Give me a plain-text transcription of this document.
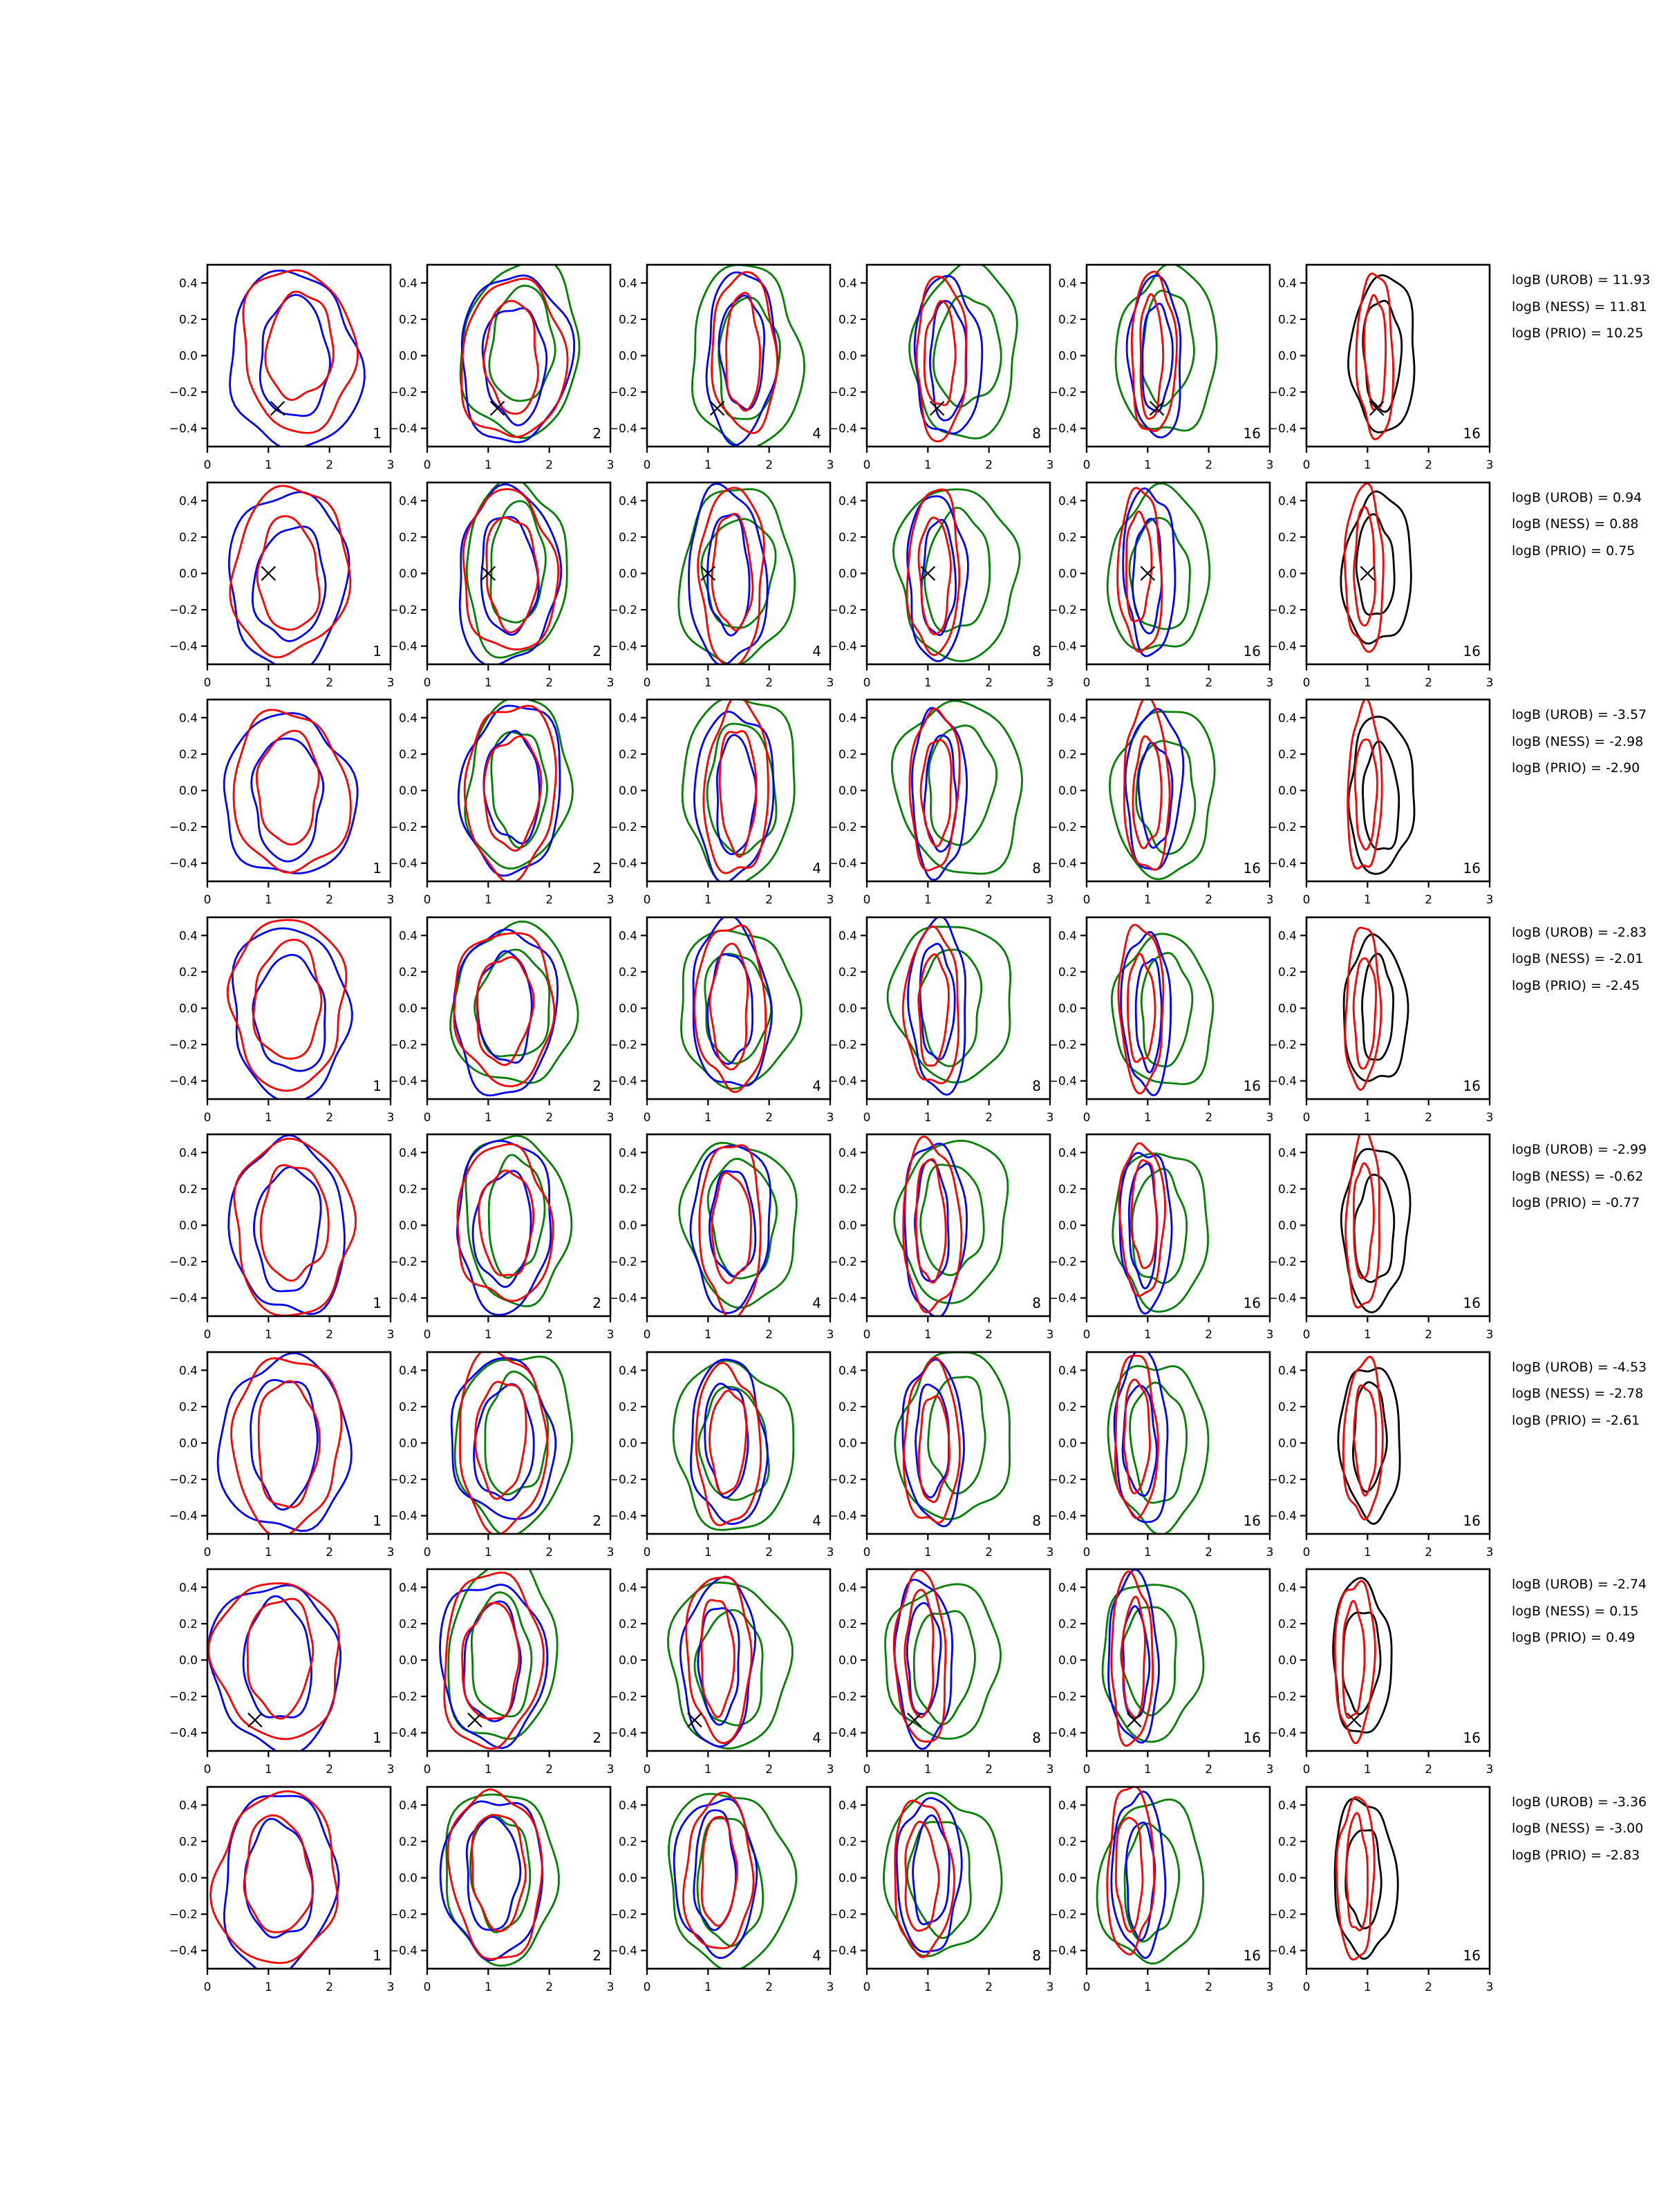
0	1	2	3
0.4
0.2
0.0
−0.2
−0.4	1
0	1	2	3
0.4
0.2
0.0
−0.2
−0.4	2
0	1	2	3
0.4
0.2
0.0
−0.2
−0.4	4
0	1	2	3
0.4
0.2
0.0
−0.2
−0.4	8
0	1	2	3
0.4
0.2
0.0
−0.2
−0.4	16
0	1	2	3
0.4
0.2
0.0
−0.2
−0.4	16
logB (UROB) = 11.93
logB (NESS) = 11.81
logB (PRIO) = 10.25
0	1	2	3
0.4
0.2
0.0
−0.2
−0.4	1
0	1	2	3
0.4
0.2
0.0
−0.2
−0.4	2
0	1	2	3
0.4
0.2
0.0
−0.2
−0.4	4
0	1	2	3
0.4
0.2
0.0
−0.2
−0.4	8
0	1	2	3
0.4
0.2
0.0
−0.2
−0.4	16
0	1	2	3
0.4
0.2
0.0
−0.2
−0.4	16
logB (UROB) = 0.94
logB (NESS) = 0.88
logB (PRIO) = 0.75
0	1	2	3
0.4
0.2
0.0
−0.2
−0.4	1
0	1	2	3
0.4
0.2
0.0
−0.2
−0.4	2
0	1	2	3
0.4
0.2
0.0
−0.2
−0.4	4
0	1	2	3
0.4
0.2
0.0
−0.2
−0.4	8
0	1	2	3
0.4
0.2
0.0
−0.2
−0.4	16
0	1	2	3
0.4
0.2
0.0
−0.2
−0.4	16
logB (UROB) = -3.57
logB (NESS) = -2.98
logB (PRIO) = -2.90
0	1	2	3
0.4
0.2
0.0
−0.2
−0.4	1
0	1	2	3
0.4
0.2
0.0
−0.2
−0.4	2
0	1	2	3
0.4
0.2
0.0
−0.2
−0.4	4
0	1	2	3
0.4
0.2
0.0
−0.2
−0.4	8
0	1	2	3
0.4
0.2
0.0
−0.2
−0.4	16
0	1	2	3
0.4
0.2
0.0
−0.2
−0.4	16
logB (UROB) = -2.83
logB (NESS) = -2.01
logB (PRIO) = -2.45
0	1	2	3
0.4
0.2
0.0
−0.2
−0.4	1
0	1	2	3
0.4
0.2
0.0
−0.2
−0.4	2
0	1	2	3
0.4
0.2
0.0
−0.2
−0.4	4
0	1	2	3
0.4
0.2
0.0
−0.2
−0.4	8
0	1	2	3
0.4
0.2
0.0
−0.2
−0.4	16
0	1	2	3
0.4
0.2
0.0
−0.2
−0.4	16
logB (UROB) = -2.99
logB (NESS) = -0.62
logB (PRIO) = -0.77
0	1	2	3
0.4
0.2
0.0
−0.2
−0.4	1
0	1	2	3
0.4
0.2
0.0
−0.2
−0.4	2
0	1	2	3
0.4
0.2
0.0
−0.2
−0.4	4
0	1	2	3
0.4
0.2
0.0
−0.2
−0.4	8
0	1	2	3
0.4
0.2
0.0
−0.2
−0.4	16
0	1	2	3
0.4
0.2
0.0
−0.2
−0.4	16
logB (UROB) = -4.53
logB (NESS) = -2.78
logB (PRIO) = -2.61
0	1	2	3
0.4
0.2
0.0
−0.2
−0.4	1
0	1	2	3
0.4
0.2
0.0
−0.2
−0.4	2
0	1	2	3
0.4
0.2
0.0
−0.2
−0.4	4
0	1	2	3
0.4
0.2
0.0
−0.2
−0.4	8
0	1	2	3
0.4
0.2
0.0
−0.2
−0.4	16
0	1	2	3
0.4
0.2
0.0
−0.2
−0.4	16
logB (UROB) = -2.74
logB (NESS) = 0.15
logB (PRIO) = 0.49
0	1	2	3
0.4
0.2
0.0
−0.2
−0.4	1
0	1	2	3
0.4
0.2
0.0
−0.2
−0.4	2
0	1	2	3
0.4
0.2
0.0
−0.2
−0.4	4
0	1	2	3
0.4
0.2
0.0
−0.2
−0.4	8
0	1	2	3
0.4
0.2
0.0
−0.2
−0.4	16
0	1	2	3
0.4
0.2
0.0
−0.2
−0.4	16
logB (UROB) = -3.36
logB (NESS) = -3.00
logB (PRIO) = -2.83
